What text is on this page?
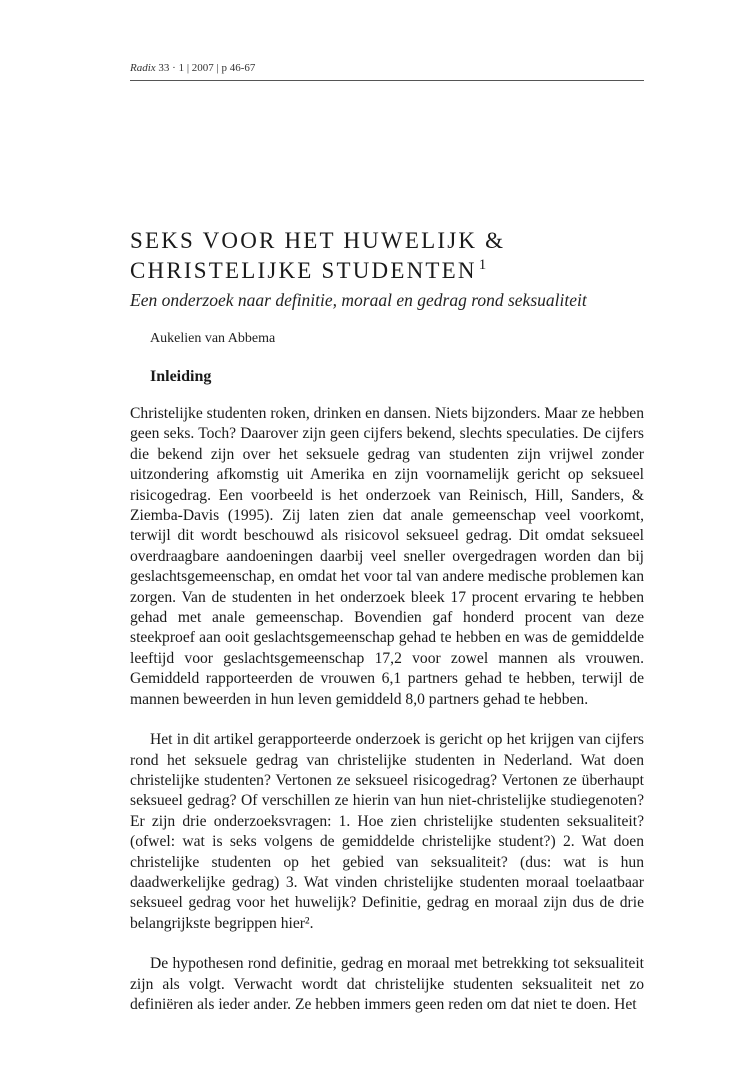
Radix 33 · 1 | 2007 | p 46-67
SEKS VOOR HET HUWELIJK & CHRISTELIJKE STUDENTEN $^1$

Een onderzoek naar definitie, moraal en gedrag rond seksualiteit

Aukelien van Abbema
Inleiding

Christelijke studenten roken, drinken en dansen. Niets bijzonders. Maar ze hebben geen seks. Toch? Daarover zijn geen cijfers bekend, slechts speculaties. De cijfers die bekend zijn over het seksuele gedrag van studenten zijn vrijwel zonder uitzondering afkomstig uit Amerika en zijn voornamelijk gericht op seksueel risicogedrag. Een voorbeeld is het onderzoek van Reinisch, Hill, Sanders, & Ziemba-Davis (1995). Zij laten zien dat anale gemeenschap veel voorkomt, terwijl dit wordt beschouwd als risicovol seksueel gedrag. Dit omdat seksueel overdraagbare aandoeningen daarbij veel sneller overgedragen worden dan bij geslachtsgemeenschap, en omdat het voor tal van andere medische problemen kan zorgen. Van de studenten in het onderzoek bleek 17 procent ervaring te hebben gehad met anale gemeenschap. Bovendien gaf honderd procent van deze steekproef aan ooit geslachtsgemeenschap gehad te hebben en was de gemiddelde leeftijd voor geslachtsgemeenschap 17,2 voor zowel mannen als vrouwen. Gemiddeld rapporteerden de vrouwen 6,1 partners gehad te hebben, terwijl de mannen beweerden in hun leven gemiddeld 8,0 partners gehad te hebben.

Het in dit artikel gerapporteerde onderzoek is gericht op het krijgen van cijfers rond het seksuele gedrag van christelijke studenten in Nederland. Wat doen christelijke studenten? Vertonen ze seksueel risicogedrag? Vertonen ze überhaupt seksueel gedrag? Of verschillen ze hierin van hun niet-christelijke studiegenoten? Er zijn drie onderzoeksvragen: 1. Hoe zien christelijke studenten seksualiteit? (ofwel: wat is seks volgens de gemiddelde christelijke student?) 2. Wat doen christelijke studenten op het gebied van seksualiteit? (dus: wat is hun daadwerkelijke gedrag) 3. Wat vinden christelijke studenten moraal toelaatbaar seksueel gedrag voor het huwelijk? Definitie, gedrag en moraal zijn dus de drie belangrijkste begrippen hier².

De hypothesen rond definitie, gedrag en moraal met betrekking tot seksualiteit zijn als volgt. Verwacht wordt dat christelijke studenten seksualiteit net zo definiëren als ieder ander. Ze hebben immers geen reden om dat niet te doen. Het
